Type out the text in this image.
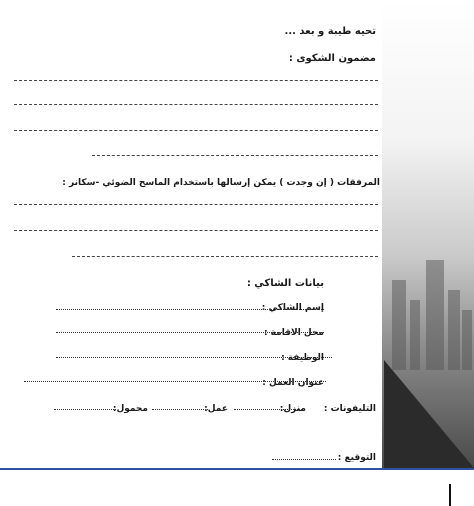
تحيه طيبة و بعد ...
مضمون الشكوى :
المرفقات ( إن وجدت ) يمكن إرسالها باستخدام الماسح الضوئي -سكانر :
بيانات الشاكي :
إسم الشاكي :
محل الاقامة :
الوظيفة :
عنوان العمل :
التليفونات :
منزل:
عمل:
محمول:
التوقيع :
